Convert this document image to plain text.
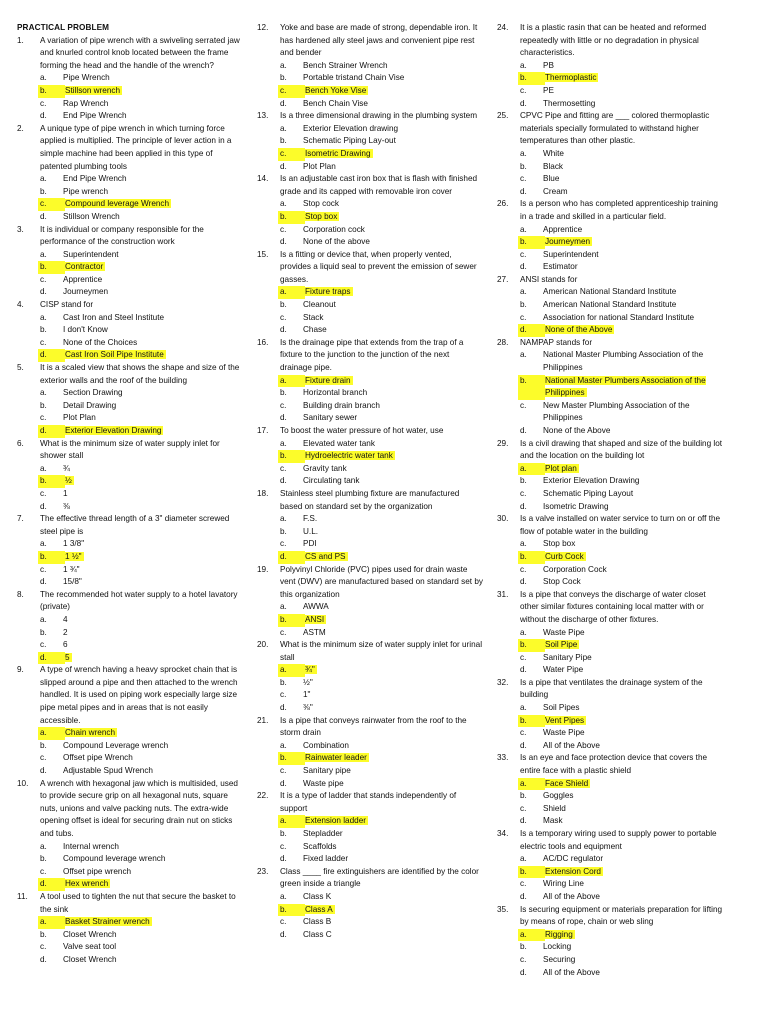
PRACTICAL PROBLEM
1.	A variation of pipe wrench with a swiveling serrated jaw and knurled control knob located between the frame forming the head and the handle of the wrench?
a.	Pipe Wrench
b.	Stillson wrench
c.	Rap Wrench
d.	End Pipe Wrench
2.	A unique type of pipe wrench in which turning force applied is multiplied. The principle of lever action in a simple machine had been applied in this type of patented plumbing tools
a.	End Pipe Wrench
b.	Pipe wrench
c.	Compound leverage Wrench
d.	Stillson Wrench
3.	It is individual or company responsible for the performance of the construction work
a.	Superintendent
b.	Contractor
c.	Apprentice
d.	Journeymen
4.	CISP stand for
a.	Cast Iron and Steel Institute
b.	I don't Know
c.	None of the Choices
d.	Cast Iron Soil Pipe Institute
5.	It is a scaled view that shows the shape and size of the exterior walls and the roof of the building
a.	Section Drawing
b.	Detail Drawing
c.	Plot Plan
d.	Exterior Elevation Drawing
6.	What is the minimum size of water supply inlet for shower stall
a.	¾
b.	½
c.	1
d.	⅜
7.	The effective thread length of a 3" diameter screwed steel pipe is
a.	1 3/8"
b.	1 ½"
c.	1 ¾"
d.	15/8"
8.	The recommended hot water supply to a hotel lavatory (private)
a.	4
b.	2
c.	6
d.	5
9.	A type of wrench having a heavy sprocket chain that is slipped around a pipe and then attached to the wrench handled. It is used on piping work especially large size pipe metal pipes and in areas that is not easily accessible.
a.	Chain wrench
b.	Compound Leverage wrench
c.	Offset pipe Wrench
d.	Adjustable Spud Wrench
10.	A wrench with hexagonal jaw which is multisided, used to provide secure grip on all hexagonal nuts, square nuts, unions and valve packing nuts. The extra-wide opening offset is ideal for securing drain nut on sticks and tubs.
a.	Internal wrench
b.	Compound leverage wrench
c.	Offset pipe wrench
d.	Hex wrench
11.	A tool used to tighten the nut that secure the basket to the sink
a.	Basket Strainer wrench
b.	Closet Wrench
c.	Valve seat tool
d.	Closet Wrench
12.	Yoke and base are made of strong, dependable iron. It has hardened ally steel jaws and convenient pipe rest and bender
a.	Bench Strainer Wrench
b.	Portable tristand Chain Vise
c.	Bench Yoke Vise
d.	Bench Chain Vise
13.	Is a three dimensional drawing in the plumbing system
a.	Exterior Elevation drawing
b.	Schematic Piping Lay-out
c.	Isometric Drawing
d.	Plot Plan
14.	Is an adjustable cast iron box that is flash with finished grade and its capped with removable iron cover
a.	Stop cock
b.	Stop box
c.	Corporation cock
d.	None of the above
15.	Is a fitting or device that, when properly vented, provides a liquid seal to prevent the emission of sewer gasses.
a.	Fixture traps
b.	Cleanout
c.	Stack
d.	Chase
16.	Is the drainage pipe that extends from the trap of a fixture to the junction to the junction of the next drainage pipe.
a.	Fixture drain
b.	Horizontal branch
c.	Building drain branch
d.	Sanitary sewer
17.	To boost the water pressure of hot water, use
a.	Elevated water tank
b.	Hydroelectric water tank
c.	Gravity tank
d.	Circulating tank
18.	Stainless steel plumbing fixture are manufactured based on standard set by the organization
a.	F.S.
b.	U.L.
c.	PDI
d.	CS and PS
19.	Polyvinyl Chloride (PVC) pipes used for drain waste vent (DWV) are manufactured based on standard set by this organization
a.	AWWA
b.	ANSI
c.	ASTM
20.	What is the minimum size of water supply inlet for urinal stall
a.	¾"
b.	½"
c.	1"
d.	⅜"
21.	Is a pipe that conveys rainwater from the roof to the storm drain
a.	Combination
b.	Rainwater leader
c.	Sanitary pipe
d.	Waste pipe
22.	It is a type of ladder that stands independently of support
a.	Extension ladder
b.	Stepladder
c.	Scaffolds
d.	Fixed ladder
23.	Class ____ fire extinguishers are identified by the color green inside a triangle
a.	Class K
b.	Class A
c.	Class B
d.	Class C
24.	It is a plastic rasin that can be heated and reformed repeatedly with little or no degradation in physical characteristics.
a.	PB
b.	Thermoplastic
c.	PE
d.	Thermosetting
25.	CPVC Pipe and fitting are ___ colored thermoplastic materials specially formulated to withstand higher temperatures than other plastic.
a.	White
b.	Black
c.	Blue
d.	Cream
26.	Is a person who has completed apprenticeship training in a trade and skilled in a particular field.
a.	Apprentice
b.	Journeymen
c.	Superintendent
d.	Estimator
27.	ANSI stands for
a.	American National Standard Institute
b.	American National Standard Institute
c.	Association for national Standard Institute
d.	None of the Above
28.	NAMPAP stands for
a.	National Master Plumbing Association of the Philippines
b.	National Master Plumbers Association of the Philippines
c.	New Master Plumbing Association of the Philippines
d.	None of the Above
29.	Is a civil drawing that shaped and size of the building lot and the location on the building lot
a.	Plot plan
b.	Exterior Elevation Drawing
c.	Schematic Piping Layout
d.	Isometric Drawing
30.	Is a valve installed on water service to turn on or off the flow of potable water in the building
a.	Stop box
b.	Curb Cock
c.	Corporation Cock
d.	Stop Cock
31.	Is a pipe that conveys the discharge of water closet other similar fixtures containing local matter with or without the discharge of other fixtures.
a.	Waste Pipe
b.	Soil Pipe
c.	Sanitary Pipe
d.	Water Pipe
32.	Is a pipe that ventilates the drainage system of the building
a.	Soil Pipes
b.	Vent Pipes
c.	Waste Pipe
d.	All of the Above
33.	Is an eye and face protection device that covers the entire face with a plastic shield
a.	Face Shield
b.	Goggles
c.	Shield
d.	Mask
34.	Is a temporary wiring used to supply power to portable electric tools and equipment
a.	AC/DC regulator
b.	Extension Cord
c.	Wiring Line
d.	All of the Above
35.	Is securing equipment or materials preparation for lifting by means of rope, chain or web sling
a.	Rigging
b.	Locking
c.	Securing
d.	All of the Above
